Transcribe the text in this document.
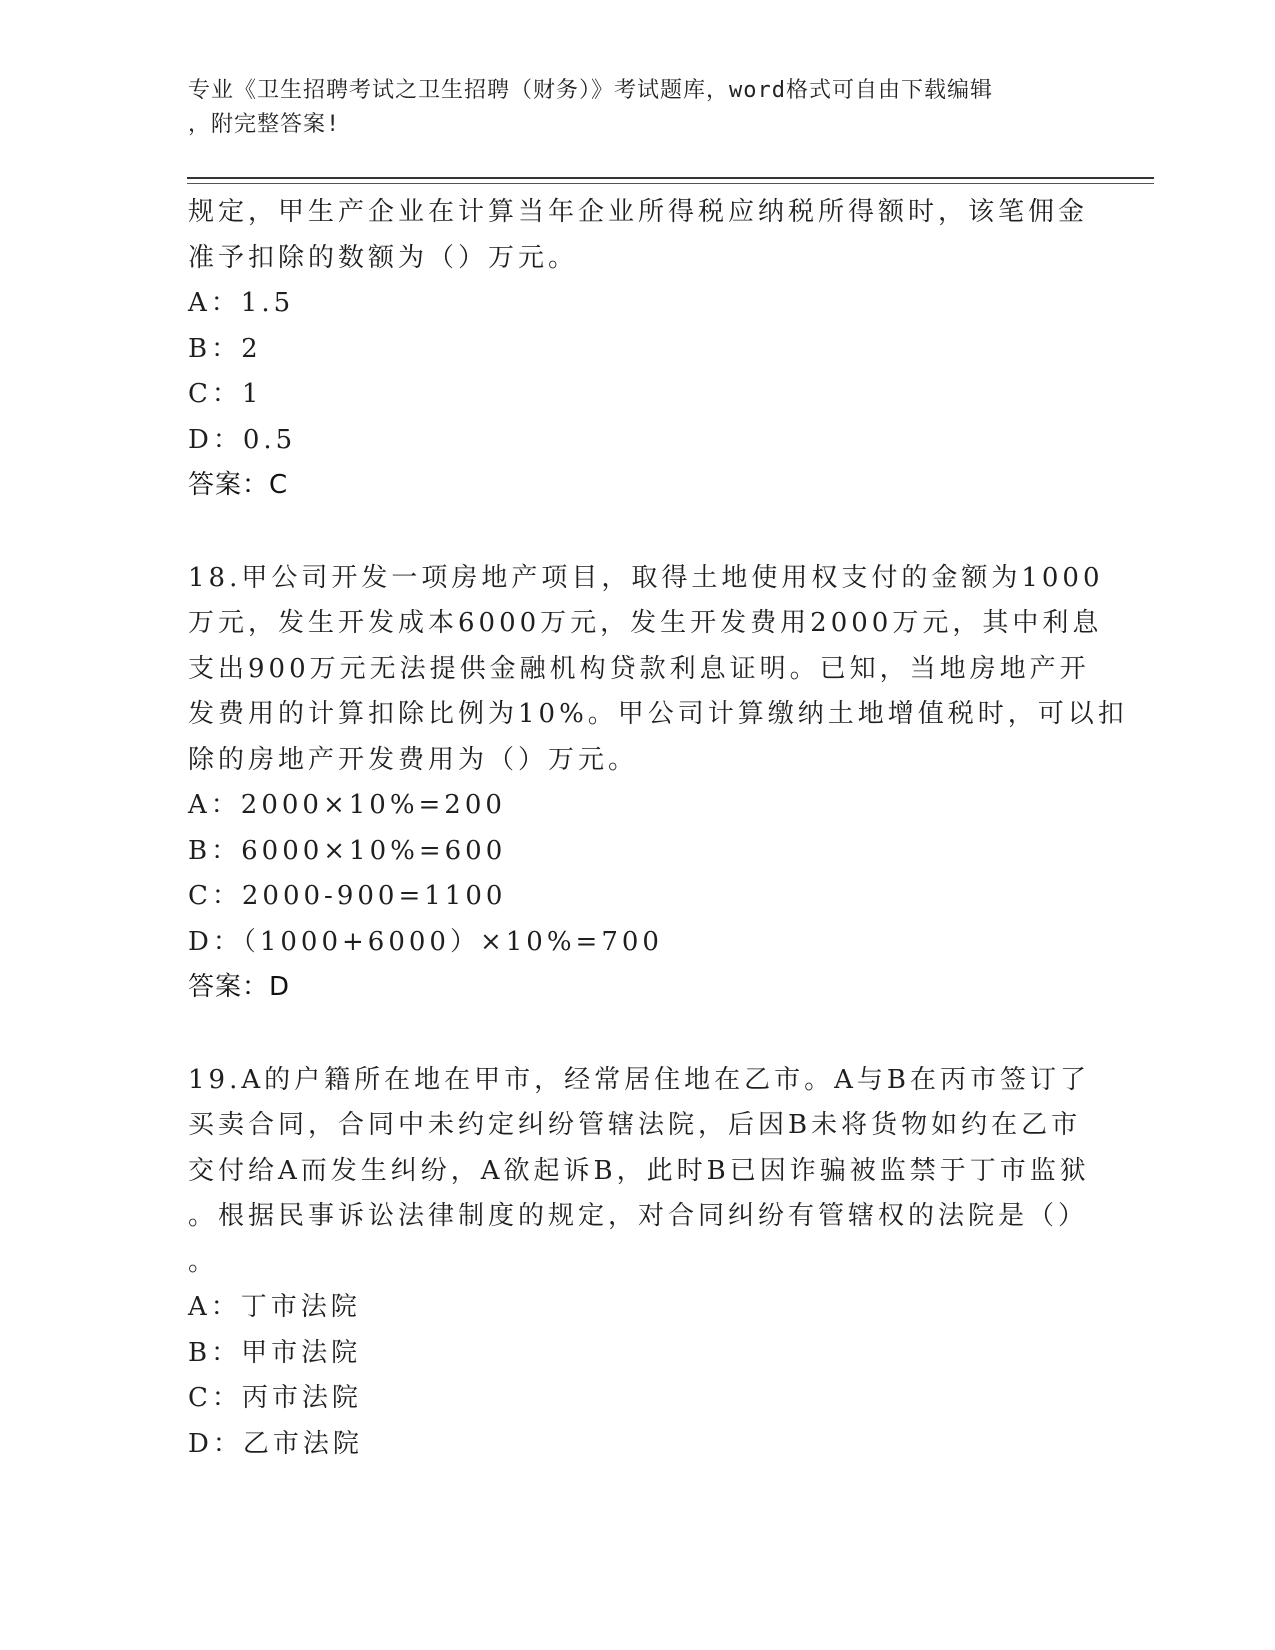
专业《卫生招聘考试之卫生招聘（财务）》考试题库，word格式可自由下载编辑
，附完整答案!
规定，甲生产企业在计算当年企业所得税应纳税所得额时，该笔佣金
准予扣除的数额为（）万元。
A：1.5
B：2
C：1
D：0.5
答案：C
18.甲公司开发一项房地产项目，取得土地使用权支付的金额为1000
万元，发生开发成本6000万元，发生开发费用2000万元，其中利息
支出900万元无法提供金融机构贷款利息证明。已知，当地房地产开
发费用的计算扣除比例为10%。甲公司计算缴纳土地增值税时，可以扣
除的房地产开发费用为（）万元。
A：2000×10%=200
B：6000×10%=600
C：2000-900=1100
D：（1000+6000）×10%=700
答案：D
19.A的户籍所在地在甲市，经常居住地在乙市。A与B在丙市签订了
买卖合同，合同中未约定纠纷管辖法院，后因B未将货物如约在乙市
交付给A而发生纠纷，A欲起诉B，此时B已因诈骗被监禁于丁市监狱
。根据民事诉讼法律制度的规定，对合同纠纷有管辖权的法院是（）
。
A：丁市法院
B：甲市法院
C：丙市法院
D：乙市法院
